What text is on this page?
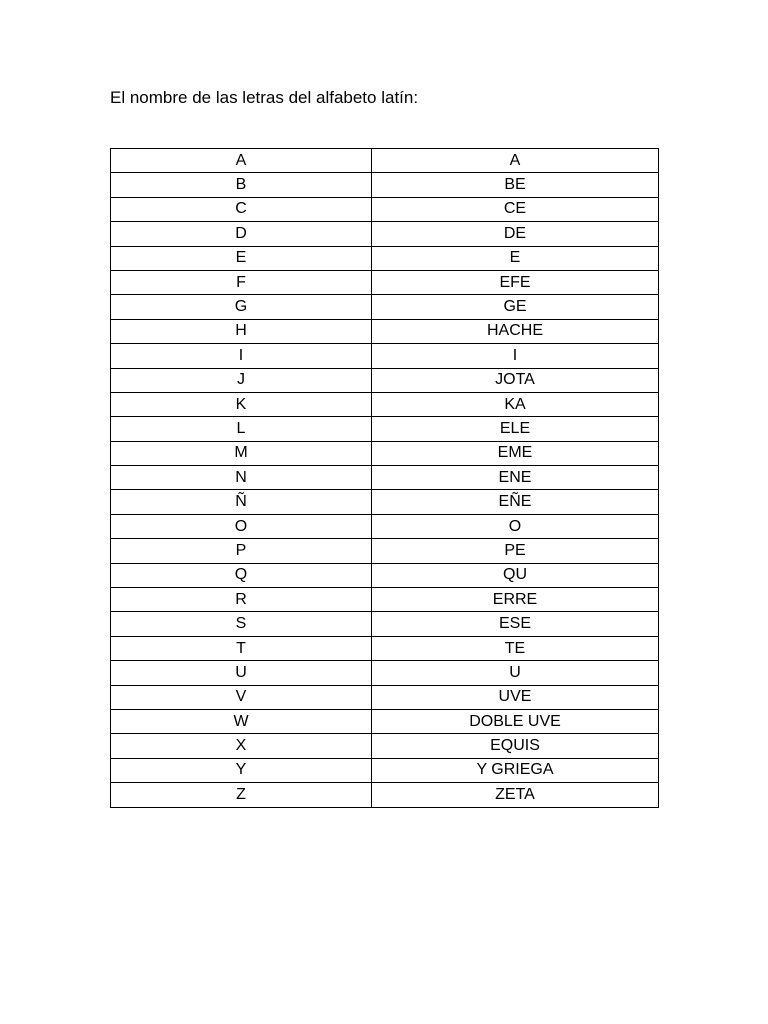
El nombre de las letras del alfabeto latín:
A	A
B	BE
C	CE
D	DE
E	E
F	EFE
G	GE
H	HACHE
I	I
J	JOTA
K	KA
L	ELE
M	EME
N	ENE
Ñ	EÑE
O	O
P	PE
Q	QU
R	ERRE
S	ESE
T	TE
U	U
V	UVE
W	DOBLE UVE
X	EQUIS
Y	Y GRIEGA
Z	ZETA
